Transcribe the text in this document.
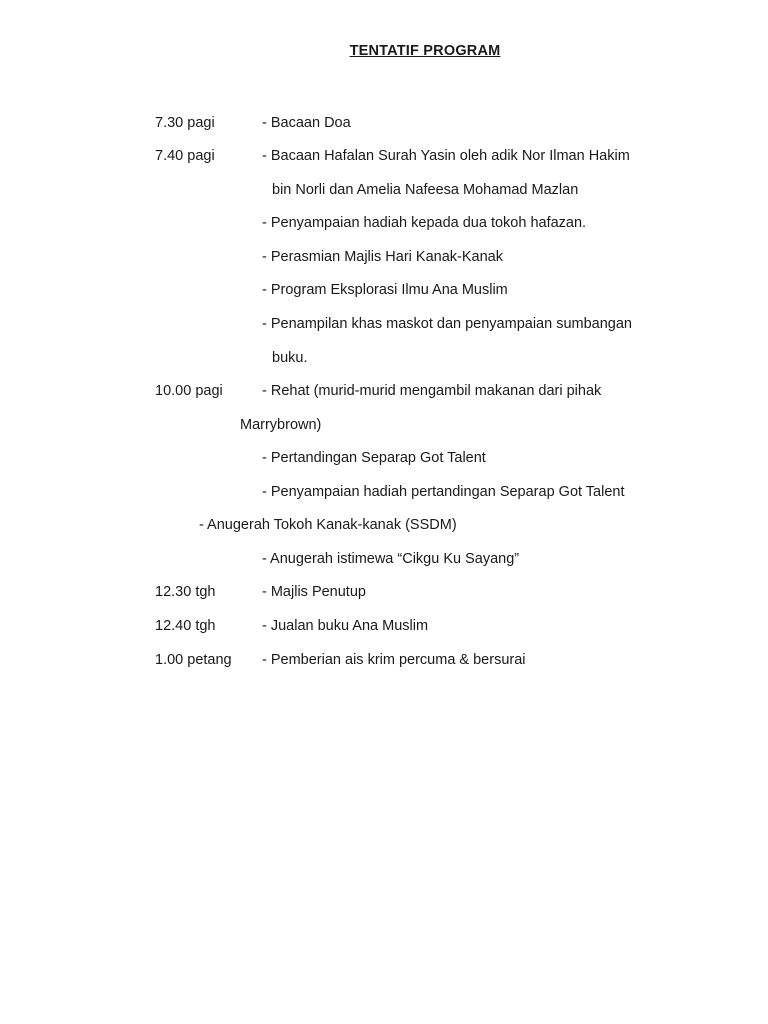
TENTATIF PROGRAM
7.30 pagi
7.40 pagi
10.00 pagi
12.30 tgh
12.40 tgh
1.00 petang
- Bacaan Doa
- Bacaan Hafalan Surah Yasin oleh adik Nor Ilman Hakim
bin Norli dan Amelia Nafeesa Mohamad Mazlan
- Penyampaian hadiah kepada dua tokoh hafazan.
- Perasmian Majlis Hari Kanak-Kanak
- Program Eksplorasi Ilmu Ana Muslim
- Penampilan khas maskot dan penyampaian sumbangan
buku.
- Rehat (murid-murid mengambil makanan dari pihak
Marrybrown)
- Pertandingan Separap Got Talent
- Penyampaian hadiah pertandingan Separap Got Talent
- Anugerah Tokoh Kanak-kanak (SSDM)
- Anugerah istimewa “Cikgu Ku Sayang”
- Majlis Penutup
- Jualan buku Ana Muslim
- Pemberian ais krim percuma & bersurai
